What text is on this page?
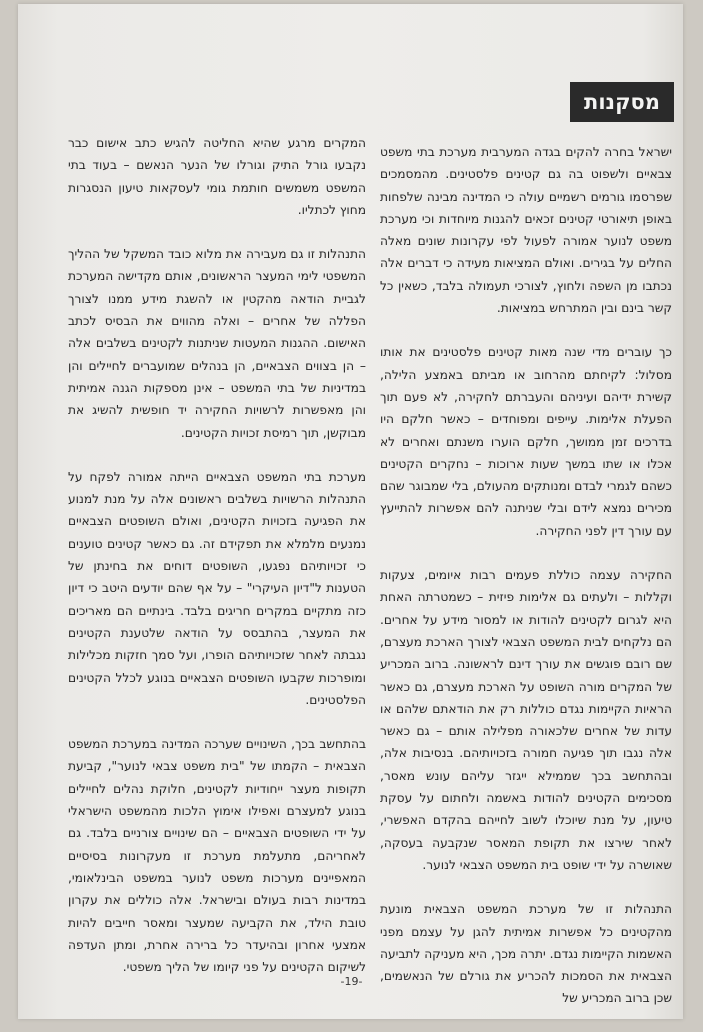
מסקנות

ישראל בחרה להקים בגדה המערבית מערכת בתי משפט צבאיים ולשפוט בה גם קטינים פלסטינים. מהמסמכים שפרסמו גורמים רשמיים עולה כי המדינה מבינה שלפחות באופן תיאורטי קטינים זכאים להגנות מיוחדות וכי מערכת משפט לנוער אמורה לפעול לפי עקרונות שונים מאלה החלים על בגירים. ואולם המציאות מעידה כי דברים אלה נכתבו מן השפה ולחוץ, לצורכי תעמולה בלבד, כשאין כל קשר בינם ובין המתרחש במציאות.

כך עוברים מדי שנה מאות קטינים פלסטינים את אותו מסלול: לקיחתם מהרחוב או מביתם באמצע הלילה, קשירת ידיהם ועיניהם והעברתם לחקירה, לא פעם תוך הפעלת אלימות. עייפים ומפוחדים – כאשר חלקם היו בדרכים זמן ממושך, חלקם הוערו משנתם ואחרים לא אכלו או שתו במשך שעות ארוכות – נחקרים הקטינים כשהם לגמרי לבדם ומנותקים מהעולם, בלי שמבוגר שהם מכירים נמצא לידם ובלי שניתנה להם אפשרות להתייעץ עם עורך דין לפני החקירה.

החקירה עצמה כוללת פעמים רבות איומים, צעקות וקללות – ולעתים גם אלימות פיזית – כשמטרתה האחת היא לגרום לקטינים להודות או למסור מידע על אחרים. הם נלקחים לבית המשפט הצבאי לצורך הארכת מעצרם, שם רובם פוגשים את עורך דינם לראשונה. ברוב המכריע של המקרים מורה השופט על הארכת מעצרם, גם כאשר הראיות הקיימות נגדם כוללות רק את הודאתם שלהם או עדות של אחרים שלכאורה מפלילה אותם – גם כאשר אלה נגבו תוך פגיעה חמורה בזכויותיהם. בנסיבות אלה, ובהתחשב בכך שממילא ייגזר עליהם עונש מאסר, מסכימים הקטינים להודות באשמה ולחתום על עסקת טיעון, על מנת שיוכלו לשוב לחייהם בהקדם האפשרי, לאחר שירצו את תקופת המאסר שנקבעה בעסקה, שאושרה על ידי שופט בית המשפט הצבאי לנוער.

התנהלות זו של מערכת המשפט הצבאית מונעת מהקטינים כל אפשרות אמיתית להגן על עצמם מפני האשמות הקיימות נגדם. יתרה מכך, היא מעניקה לתביעה הצבאית את הסמכות להכריע את גורלם של הנאשמים, שכן ברוב המכריע של

המקרים מרגע שהיא החליטה להגיש כתב אישום כבר נקבעו גורל התיק וגורלו של הנער הנאשם – בעוד בתי המשפט משמשים חותמת גומי לעסקאות טיעון הנסגרות מחוץ לכתליו.

התנהלות זו גם מעבירה את מלוא כובד המשקל של ההליך המשפטי לימי המעצר הראשונים, אותם מקדישה המערכת לגביית הודאה מהקטין או להשגת מידע ממנו לצורך הפללה של אחרים – ואלה מהווים את הבסיס לכתב האישום. ההגנות המעטות שניתנות לקטינים בשלבים אלה – הן בצווים הצבאיים, הן בנהלים שמועברים לחיילים והן במדיניות של בתי המשפט – אינן מספקות הגנה אמיתית והן מאפשרות לרשויות החקירה יד חופשית להשיג את מבוקשן, תוך רמיסת זכויות הקטינים.

מערכת בתי המשפט הצבאיים הייתה אמורה לפקח על התנהלות הרשויות בשלבים ראשונים אלה על מנת למנוע את הפגיעה בזכויות הקטינים, ואולם השופטים הצבאיים נמנעים מלמלא את תפקידם זה. גם כאשר קטינים טוענים כי זכויותיהם נפגעו, השופטים דוחים את בחינתן של הטענות ל"דיון העיקרי" – על אף שהם יודעים היטב כי דיון כזה מתקיים במקרים חריגים בלבד. בינתיים הם מאריכים את המעצר, בהתבסס על הודאה שלטענת הקטינים נגבתה לאחר שזכויותיהם הופרו, ועל סמך חזקות מכלילות ומופרכות שקבעו השופטים הצבאיים בנוגע לכלל הקטינים הפלסטינים.

בהתחשב בכך, השינויים שערכה המדינה במערכת המשפט הצבאית – הקמתו של "בית משפט צבאי לנוער", קביעת תקופות מעצר ייחודיות לקטינים, חלוקת נהלים לחיילים בנוגע למעצרם ואפילו אימוץ הלכות מהמשפט הישראלי על ידי השופטים הצבאיים – הם שינויים צורניים בלבד. גם לאחריהם, מתעלמת מערכת זו מעקרונות בסיסיים המאפיינים מערכות משפט לנוער במשפט הבינלאומי, במדינות רבות בעולם ובישראל. אלה כוללים את עקרון טובת הילד, את הקביעה שמעצר ומאסר חייבים להיות אמצעי אחרון ובהיעדר כל ברירה אחרת, ומתן העדפה לשיקום הקטינים על פני קיומו של הליך משפטי.

-19-
